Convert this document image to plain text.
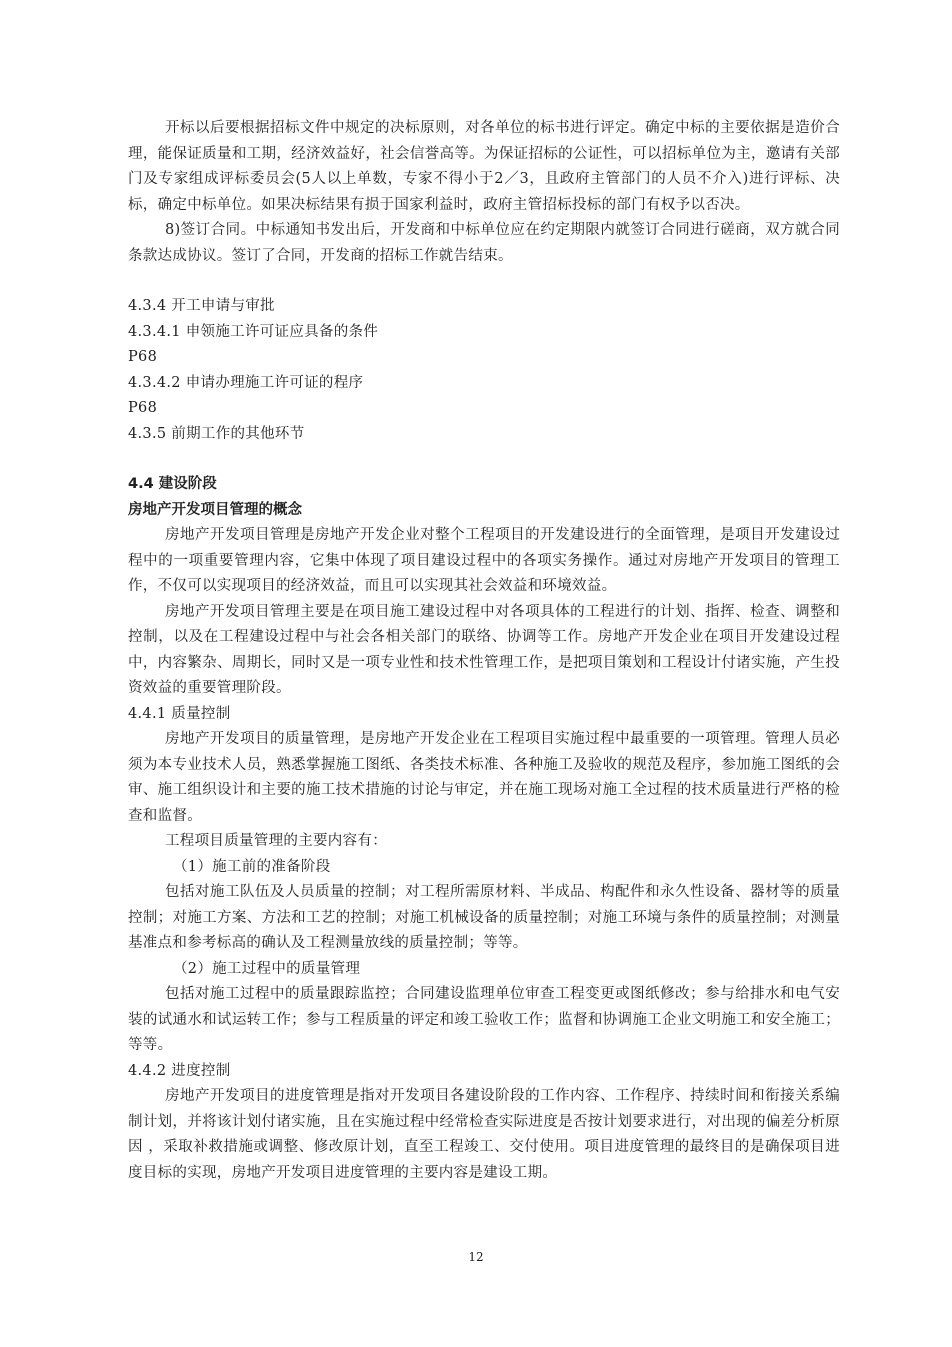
开标以后要根据招标文件中规定的决标原则，对各单位的标书进行评定。确定中标的主要依据是造价合理，能保证质量和工期，经济效益好，社会信誉高等。为保证招标的公证性，可以招标单位为主，邀请有关部门及专家组成评标委员会(5人以上单数，专家不得小于2／3，且政府主管部门的人员不介入)进行评标、决标，确定中标单位。如果决标结果有损于国家利益时，政府主管招标投标的部门有权予以否决。

8)签订合同。中标通知书发出后，开发商和中标单位应在约定期限内就签订合同进行磋商，双方就合同条款达成协议。签订了合同，开发商的招标工作就告结束。

4.3.4 开工申请与审批

4.3.4.1 申领施工许可证应具备的条件

P68

4.3.4.2 申请办理施工许可证的程序

P68

4.3.5 前期工作的其他环节

4.4 建设阶段

房地产开发项目管理的概念

房地产开发项目管理是房地产开发企业对整个工程项目的开发建设进行的全面管理，是项目开发建设过程中的一项重要管理内容，它集中体现了项目建设过程中的各项实务操作。通过对房地产开发项目的管理工作，不仅可以实现项目的经济效益，而且可以实现其社会效益和环境效益。

房地产开发项目管理主要是在项目施工建设过程中对各项具体的工程进行的计划、指挥、检查、调整和控制，以及在工程建设过程中与社会各相关部门的联络、协调等工作。房地产开发企业在项目开发建设过程中，内容繁杂、周期长，同时又是一项专业性和技术性管理工作，是把项目策划和工程设计付诸实施，产生投资效益的重要管理阶段。

4.4.1 质量控制

房地产开发项目的质量管理，是房地产开发企业在工程项目实施过程中最重要的一项管理。管理人员必须为本专业技术人员，熟悉掌握施工图纸、各类技术标准、各种施工及验收的规范及程序，参加施工图纸的会审、施工组织设计和主要的施工技术措施的讨论与审定，并在施工现场对施工全过程的技术质量进行严格的检查和监督。

工程项目质量管理的主要内容有：

（1）施工前的准备阶段

包括对施工队伍及人员质量的控制；对工程所需原材料、半成品、构配件和永久性设备、器材等的质量控制；对施工方案、方法和工艺的控制；对施工机械设备的质量控制；对施工环境与条件的质量控制；对测量基准点和参考标高的确认及工程测量放线的质量控制；等等。

（2）施工过程中的质量管理

包括对施工过程中的质量跟踪监控；合同建设监理单位审查工程变更或图纸修改；参与给排水和电气安装的试通水和试运转工作；参与工程质量的评定和竣工验收工作；监督和协调施工企业文明施工和安全施工；等等。

4.4.2 进度控制

房地产开发项目的进度管理是指对开发项目各建设阶段的工作内容、工作程序、持续时间和衔接关系编制计划，并将该计划付诸实施，且在实施过程中经常检查实际进度是否按计划要求进行，对出现的偏差分析原因 ，采取补救措施或调整、修改原计划，直至工程竣工、交付使用。项目进度管理的最终目的是确保项目进度目标的实现，房地产开发项目进度管理的主要内容是建设工期。

12
